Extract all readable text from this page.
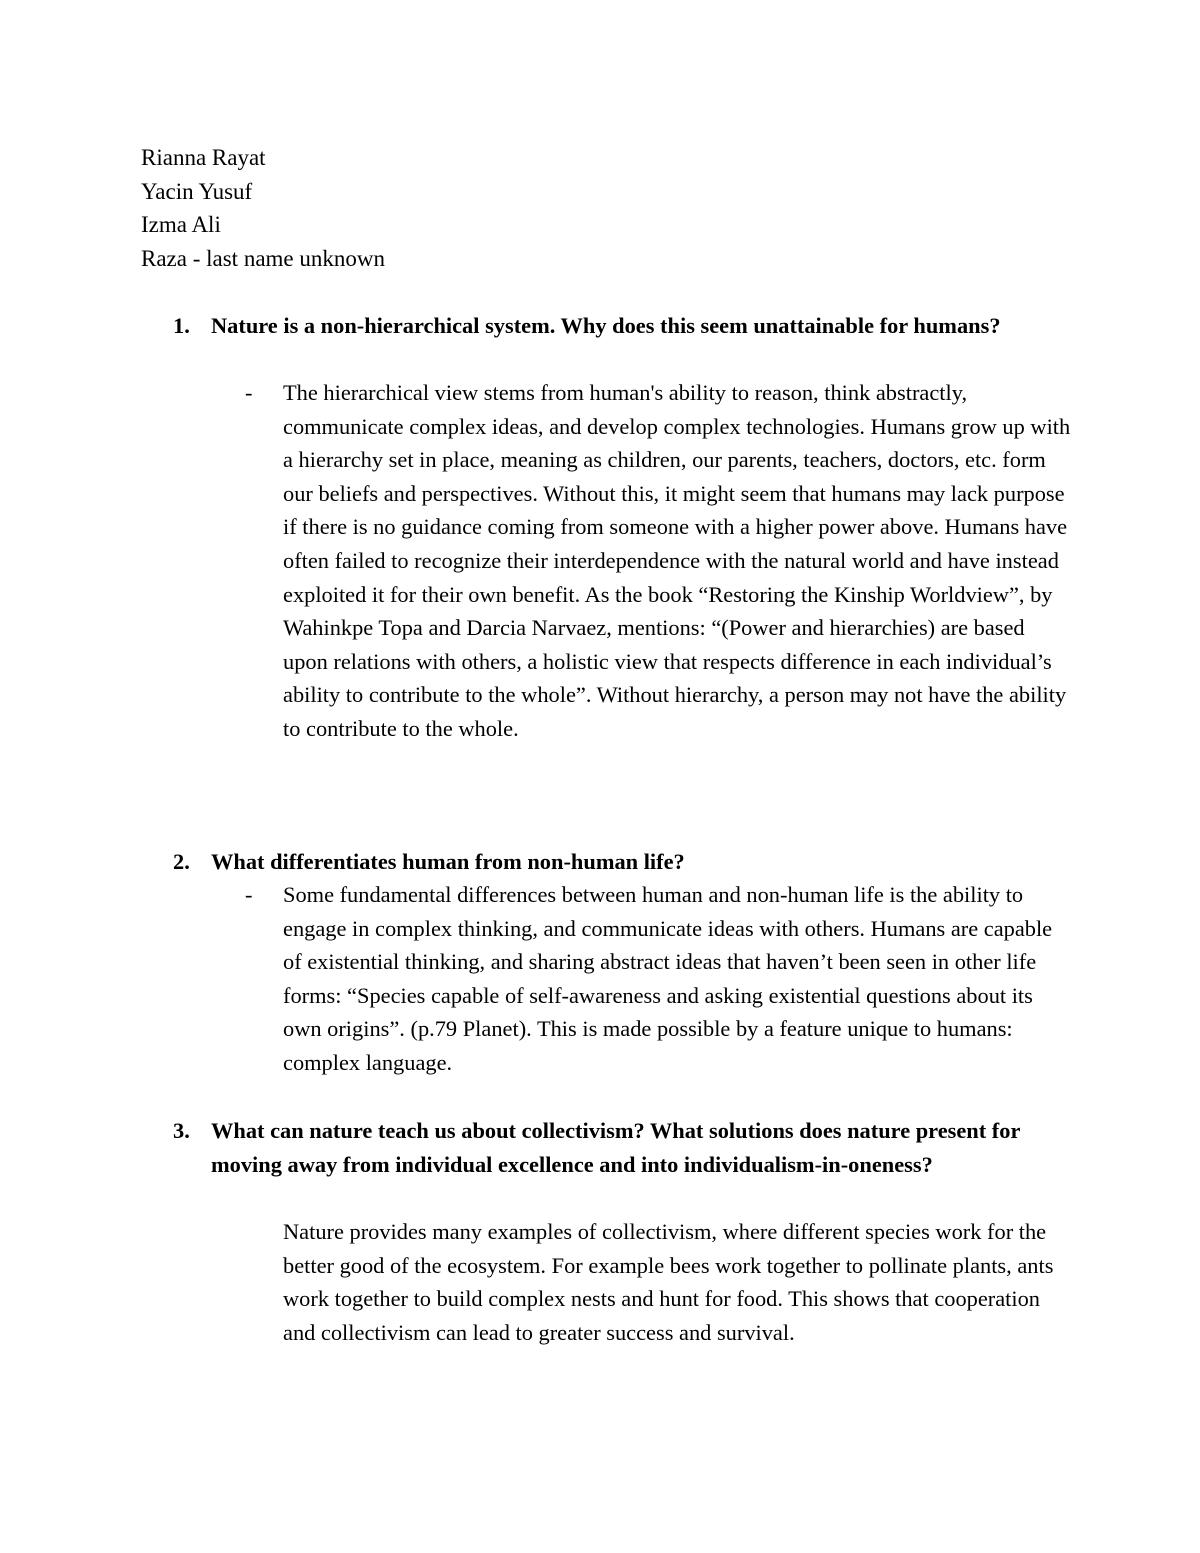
Rianna Rayat
Yacin Yusuf
Izma Ali
Raza - last name unknown
1. Nature is a non-hierarchical system. Why does this seem unattainable for humans?
- The hierarchical view stems from human's ability to reason, think abstractly, communicate complex ideas, and develop complex technologies. Humans grow up with a hierarchy set in place, meaning as children, our parents, teachers, doctors, etc. form our beliefs and perspectives. Without this, it might seem that humans may lack purpose if there is no guidance coming from someone with a higher power above. Humans have often failed to recognize their interdependence with the natural world and have instead exploited it for their own benefit. As the book “Restoring the Kinship Worldview”, by Wahinkpe Topa and Darcia Narvaez, mentions: “(Power and hierarchies) are based upon relations with others, a holistic view that respects difference in each individual’s ability to contribute to the whole”. Without hierarchy, a person may not have the ability to contribute to the whole.
2. What differentiates human from non-human life?
- Some fundamental differences between human and non-human life is the ability to engage in complex thinking, and communicate ideas with others. Humans are capable of existential thinking, and sharing abstract ideas that haven’t been seen in other life forms: “Species capable of self-awareness and asking existential questions about its own origins”. (p.79 Planet). This is made possible by a feature unique to humans: complex language.
3. What can nature teach us about collectivism? What solutions does nature present for moving away from individual excellence and into individualism-in-oneness?
Nature provides many examples of collectivism, where different species work for the better good of the ecosystem. For example bees work together to pollinate plants, ants work together to build complex nests and hunt for food. This shows that cooperation and collectivism can lead to greater success and survival.
